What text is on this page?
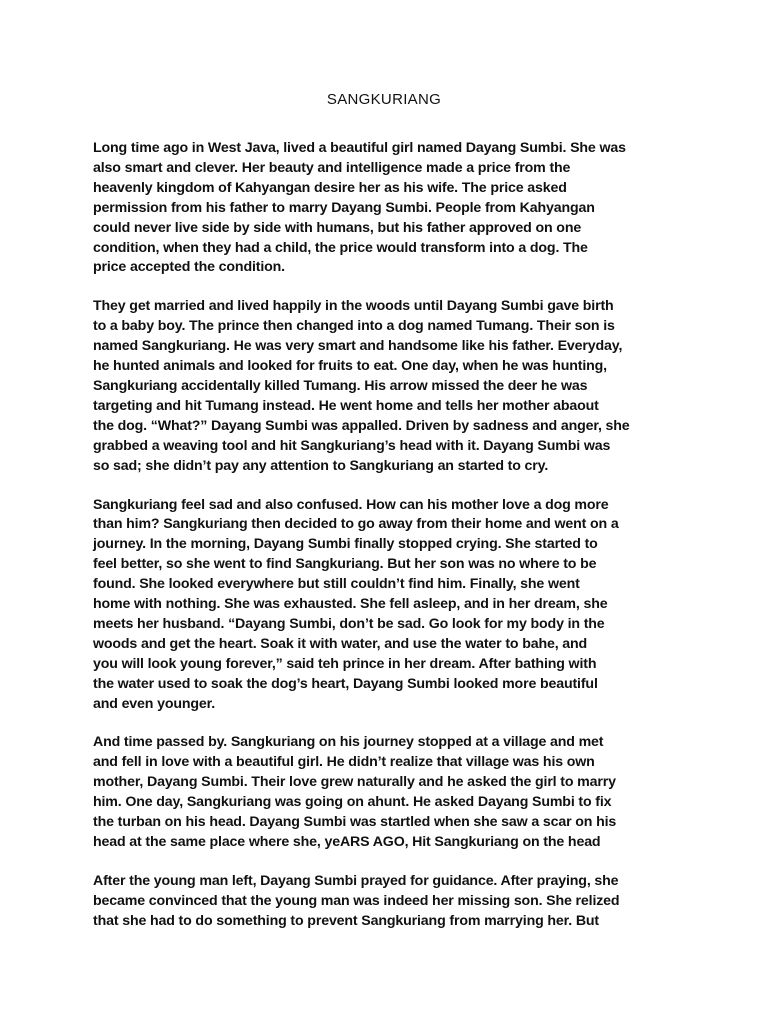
SANGKURIANG

Long time ago in West Java, lived a beautiful girl named Dayang Sumbi. She was
also smart and clever. Her beauty and intelligence made a price from the
heavenly kingdom of Kahyangan desire her as his wife. The price asked
permission from his father to marry Dayang Sumbi. People from Kahyangan
could never live side by side with humans, but his father approved on one
condition, when they had a child, the price would transform into a dog. The
price accepted the condition.

They get married and lived happily in the woods until Dayang Sumbi gave birth
to a baby boy. The prince then changed into a dog named Tumang. Their son is
named Sangkuriang. He was very smart and handsome like his father. Everyday,
he hunted animals and looked for fruits to eat. One day, when he was hunting,
Sangkuriang accidentally killed Tumang. His arrow missed the deer he was
targeting and hit Tumang instead. He went home and tells her mother abaout
the dog. “What?” Dayang Sumbi was appalled. Driven by sadness and anger, she
grabbed a weaving tool and hit Sangkuriang’s head with it. Dayang Sumbi was
so sad; she didn’t pay any attention to Sangkuriang an started to cry.

Sangkuriang feel sad and also confused. How can his mother love a dog more
than him? Sangkuriang then decided to go away from their home and went on a
journey. In the morning, Dayang Sumbi finally stopped crying. She started to
feel better, so she went to find Sangkuriang. But her son was no where to be
found. She looked everywhere but still couldn’t find him. Finally, she went
home with nothing. She was exhausted. She fell asleep, and in her dream, she
meets her husband. “Dayang Sumbi, don’t be sad. Go look for my body in the
woods and get the heart. Soak it with water, and use the water to bahe, and
you will look young forever,” said teh prince in her dream. After bathing with
the water used to soak the dog’s heart, Dayang Sumbi looked more beautiful
and even younger.

And time passed by. Sangkuriang on his journey stopped at a village and met
and fell in love with a beautiful girl. He didn’t realize that village was his own
mother, Dayang Sumbi. Their love grew naturally and he asked the girl to marry
him. One day, Sangkuriang was going on ahunt. He asked Dayang Sumbi to fix
the turban on his head. Dayang Sumbi was startled when she saw a scar on his
head at the same place where she, yeARS AGO, Hit Sangkuriang on the head

After the young man left, Dayang Sumbi prayed for guidance. After praying, she
became convinced that the young man was indeed her missing son. She relized
that she had to do something to prevent Sangkuriang from marrying her. But
